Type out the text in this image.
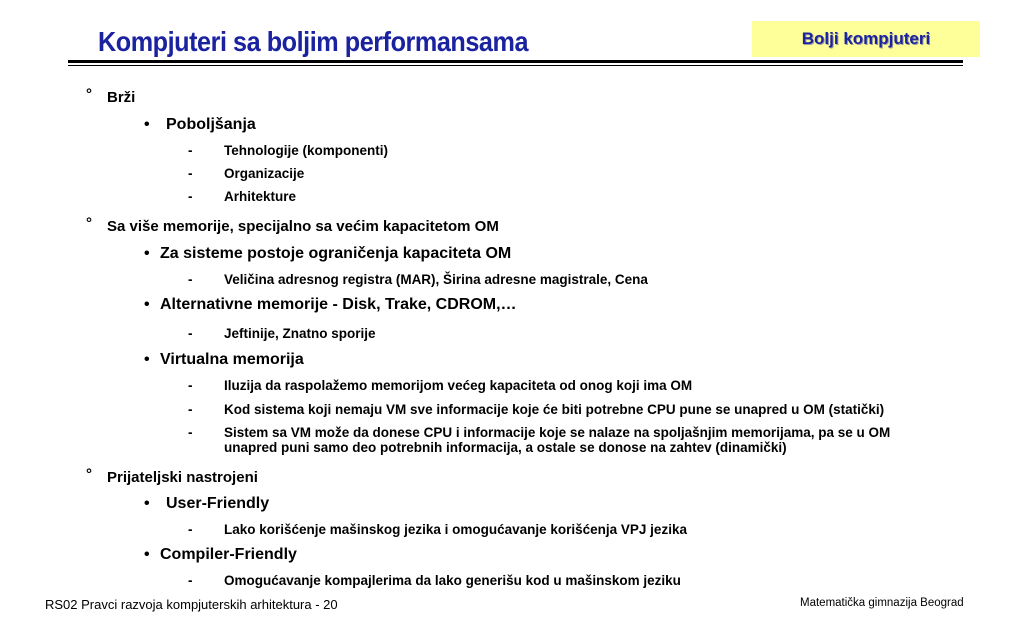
Kompjuteri sa boljim performansama	Bolji kompjuteri
° Brži
• Poboljšanja
- Tehnologije (komponenti)
- Organizacije
- Arhitekture
° Sa više memorije, specijalno sa većim kapacitetom OM
• Za sisteme postoje ograničenja kapaciteta OM
- Veličina adresnog registra (MAR), Širina adresne magistrale, Cena
• Alternativne memorije - Disk, Trake, CDROM,…
- Jeftinije, Znatno sporije
• Virtualna memorija
- Iluzija da raspolažemo memorijom većeg kapaciteta od onog koji ima OM
- Kod sistema koji nemaju VM sve informacije koje će biti potrebne CPU pune se unapred u OM (statički)
- Sistem sa VM može da donese CPU i informacije koje se nalaze na spoljašnjim memorijama, pa se u OM
unapred puni samo deo potrebnih informacija, a ostale se donose na zahtev (dinamički)
° Prijateljski nastrojeni
• User-Friendly
- Lako korišćenje mašinskog jezika i omogućavanje korišćenja VPJ jezika
• Compiler-Friendly
- Omogućavanje kompajlerima da lako generišu kod u mašinskom jeziku
RS02 Pravci razvoja kompjuterskih arhitektura - 20	Matematička gimnazija Beograd
